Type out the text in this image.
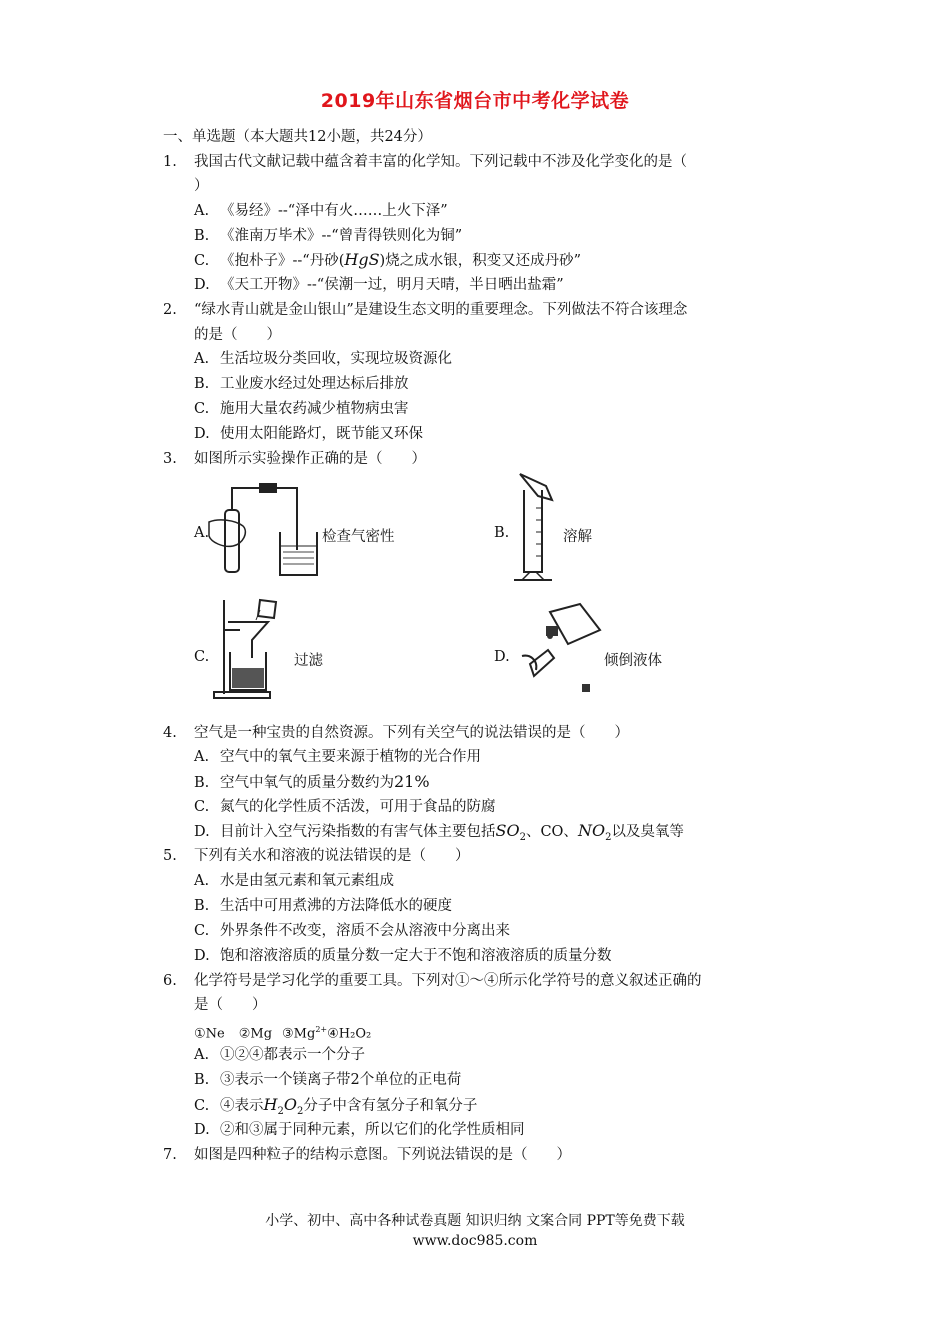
2019年山东省烟台市中考化学试卷
一、单选题（本大题共12小题，共24分）
1.	我国古代文献记载中蕴含着丰富的化学知。下列记载中不涉及化学变化的是（
）
A. 《易经》--“泽中有火……上火下泽”
B. 《淮南万毕术》--“曾青得铁则化为铜”
C. 《抱朴子》--“丹砂(HgS)烧之成水银，积变又还成丹砂”
D. 《天工开物》--“侯潮一过，明月天晴，半日晒出盐霜”
2.	“绿水青山就是金山银山”是建设生态文明的重要理念。下列做法不符合该理念
的是（　　）
A. 生活垃圾分类回收，实现垃圾资源化
B. 工业废水经过处理达标后排放
C. 施用大量农药减少植物病虫害
D. 使用太阳能路灯，既节能又环保
3.	如图所示实验操作正确的是（　　）
A.	检查气密性	B.	溶解
C.	过滤	D.	倾倒液体
4.	空气是一种宝贵的自然资源。下列有关空气的说法错误的是（　　）
A. 空气中的氧气主要来源于植物的光合作用
B. 空气中氧气的质量分数约为21%
C. 氮气的化学性质不活泼，可用于食品的防腐
D. 目前计入空气污染指数的有害气体主要包括$SO_2$、CO、$NO_2$以及臭氧等
5.	下列有关水和溶液的说法错误的是（　　）
A. 水是由氢元素和氧元素组成
B. 生活中可用煮沸的方法降低水的硬度
C. 外界条件不改变，溶质不会从溶液中分离出来
D. 饱和溶液溶质的质量分数一定大于不饱和溶液溶质的质量分数
6.	化学符号是学习化学的重要工具。下列对①～④所示化学符号的意义叙述正确的
是（　　）
①Ne ②Mg $③Mg^{2+}④H_2O_2$
A. ①②④都表示一个分子
B. ③表示一个镁离子带2个单位的正电荷
C. ④表示$H_2O_2$分子中含有氢分子和氧分子
D. ②和③属于同种元素，所以它们的化学性质相同
7.	如图是四种粒子的结构示意图。下列说法错误的是（　　）
小学、初中、高中各种试卷真题 知识归纳 文案合同 PPT等免费下载
www.doc985.com
